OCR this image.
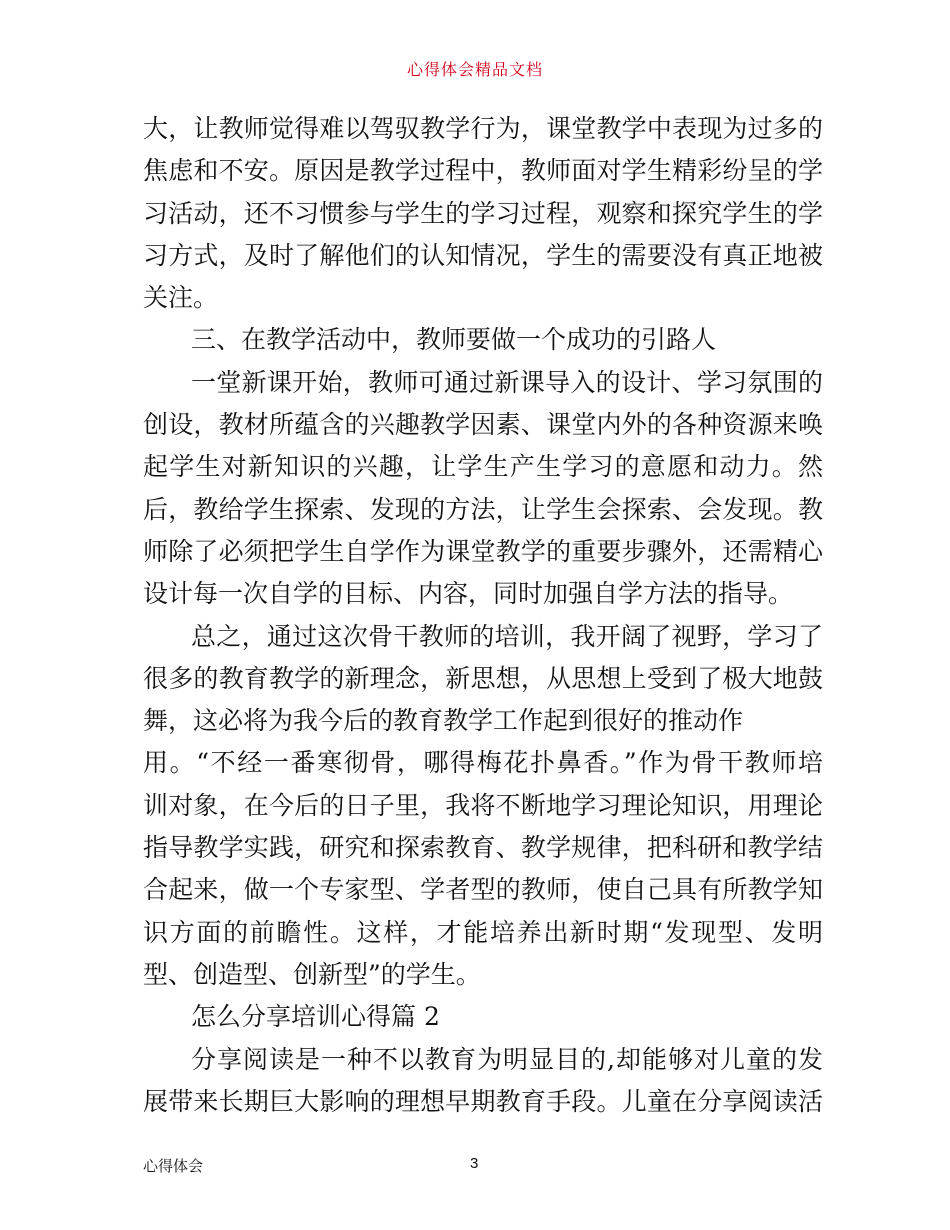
心得体会精品文档
大，让教师觉得难以驾驭教学行为，课堂教学中表现为过多的
焦虑和不安。原因是教学过程中，教师面对学生精彩纷呈的学
习活动，还不习惯参与学生的学习过程，观察和探究学生的学
习方式，及时了解他们的认知情况，学生的需要没有真正地被
关注。
三、在教学活动中，教师要做一个成功的引路人
一堂新课开始，教师可通过新课导入的设计、学习氛围的
创设，教材所蕴含的兴趣教学因素、课堂内外的各种资源来唤
起学生对新知识的兴趣，让学生产生学习的意愿和动力。然
后，教给学生探索、发现的方法，让学生会探索、会发现。教
师除了必须把学生自学作为课堂教学的重要步骤外，还需精心
设计每一次自学的目标、内容，同时加强自学方法的指导。
总之，通过这次骨干教师的培训，我开阔了视野，学习了
很多的教育教学的新理念，新思想，从思想上受到了极大地鼓
舞，这必将为我今后的教育教学工作起到很好的推动作
用。“不经一番寒彻骨，哪得梅花扑鼻香。”作为骨干教师培
训对象，在今后的日子里，我将不断地学习理论知识，用理论
指导教学实践，研究和探索教育、教学规律，把科研和教学结
合起来，做一个专家型、学者型的教师，使自己具有所教学知
识方面的前瞻性。这样，才能培养出新时期“发现型、发明
型、创造型、创新型”的学生。
怎么分享培训心得篇 2
分享阅读是一种不以教育为明显目的,却能够对儿童的发
展带来长期巨大影响的理想早期教育手段。儿童在分享阅读活
心得体会	3
